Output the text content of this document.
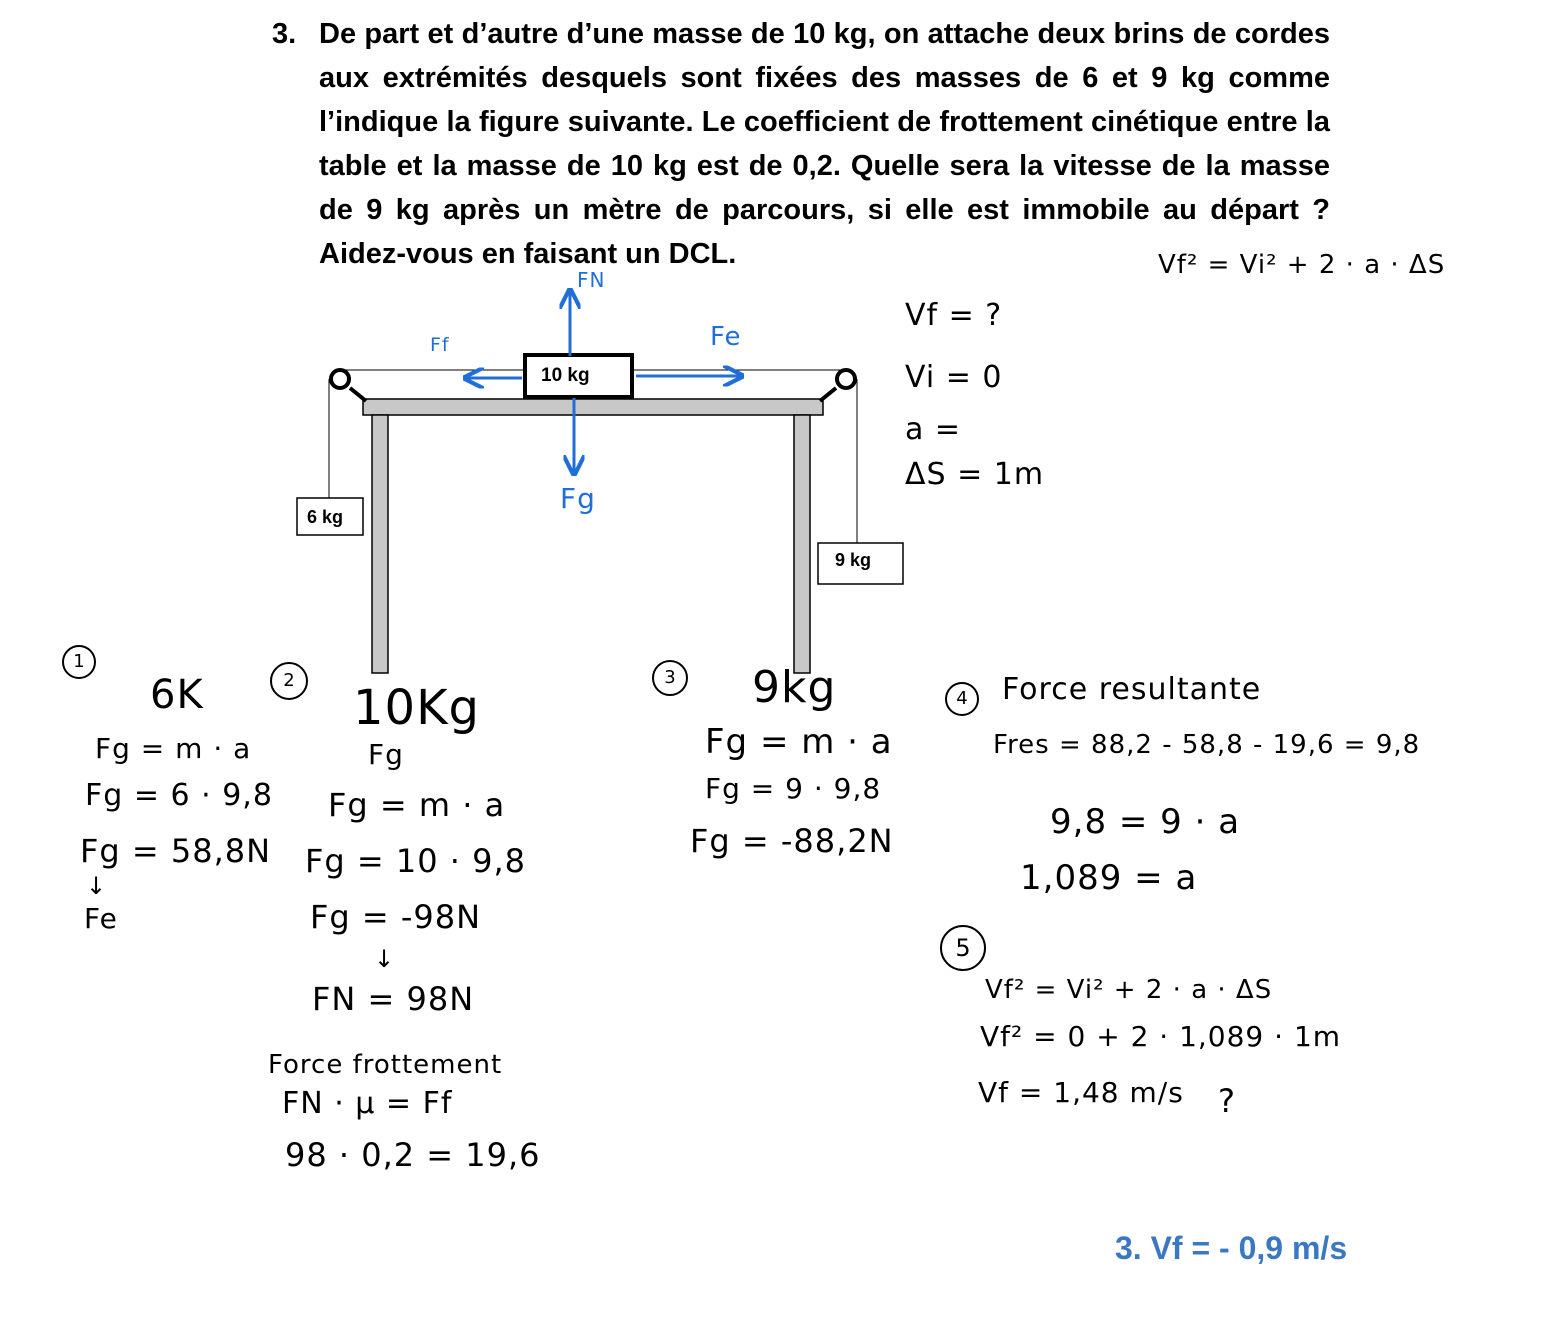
3. De part et d’autre d’une masse de 10 kg, on attache deux brins de cordes aux extrémités desquels sont fixées des masses de 6 et 9 kg comme l’indique la figure suivante. Le coefficient de frottement cinétique entre la table et la masse de 10 kg est de 0,2. Quelle sera la vitesse de la masse de 9 kg après un mètre de parcours, si elle est immobile au départ ? Aidez-vous en faisant un DCL.
10 kg
6 kg
9 kg
FN
Ff	Fe
Fg
Vf² = Vi² + 2 · a · ΔS
Vf = ?
Vi = 0
a =
ΔS = 1m
1
6K
Fg = m · a
Fg = 6 · 9,8
Fg = 58,8N
↓
Fe
2 10Kg
Fg
Fg = m · a
Fg = 10 · 9,8
Fg = -98N
↓
FN = 98N
Force frottement
FN · μ = Ff
98 · 0,2 = 19,6
3 9kg
Fg = m · a
Fg = 9 · 9,8
Fg = -88,2N
4	Force resultante
Fres = 88,2 - 58,8 - 19,6 = 9,8
9,8 = 9 · a
1,089 = a
5
Vf² = Vi² + 2 · a · ΔS
Vf² = 0 + 2 · 1,089 · 1m
Vf = 1,48 m/s ?
3. Vf = - 0,9 m/s
